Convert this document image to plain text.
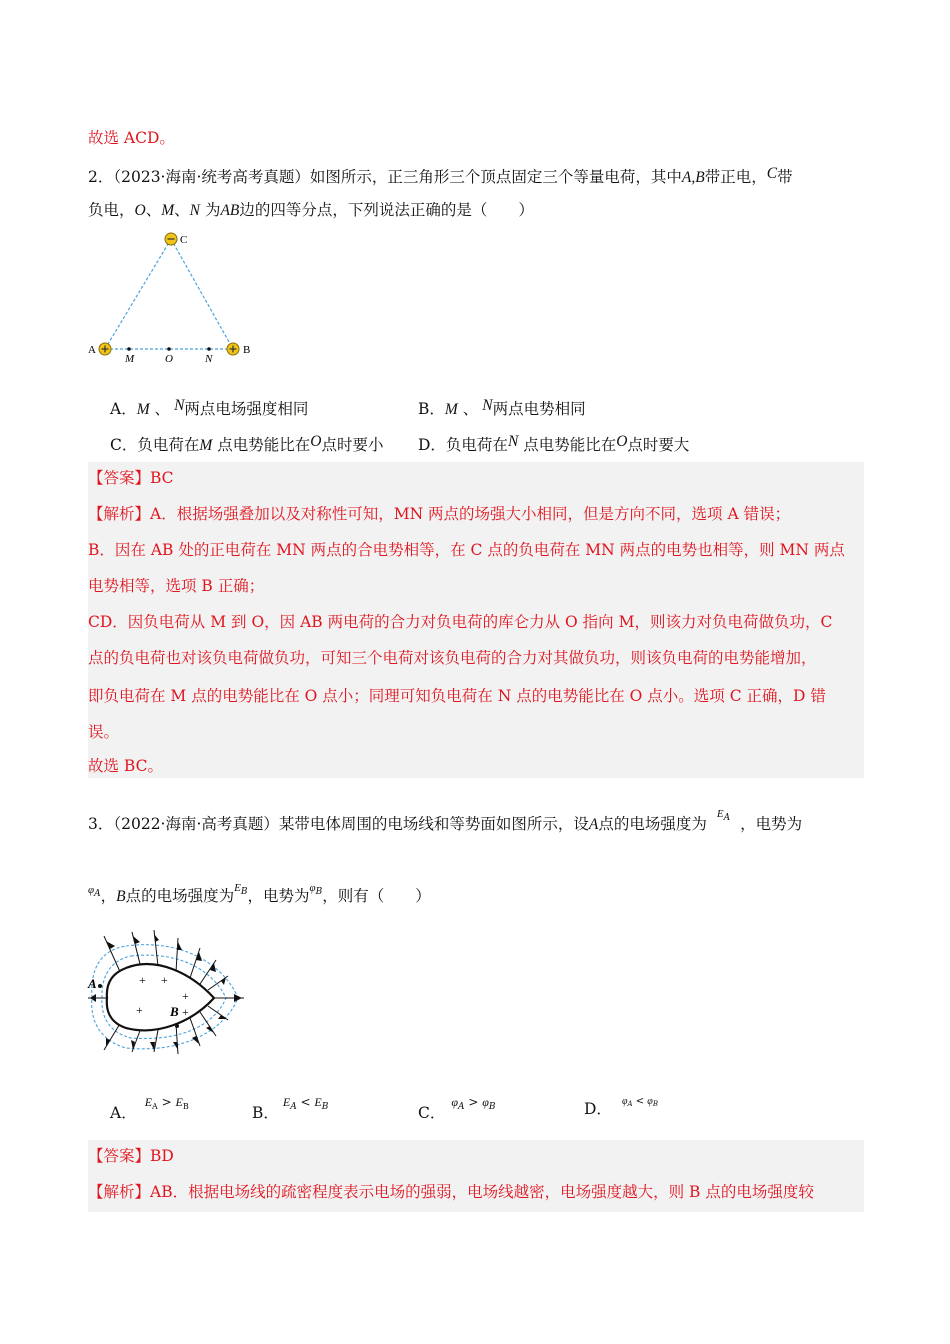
故选 ACD。
2．（2023·海南·统考高考真题）如图所示，正三角形三个顶点固定三个等量电荷，其中A,B带正电，C带
负电，O、M、N 为AB边的四等分点，下列说法正确的是（　　）
C
A	B
M	O	N
A．M 、 N两点电场强度相同	B．M 、 N两点电势相同
C．负电荷在M 点电势能比在O点时要小 D．负电荷在N 点电势能比在O点时要大
【答案】BC
【解析】A．根据场强叠加以及对称性可知，MN 两点的场强大小相同，但是方向不同，选项 A 错误；
B．因在 AB 处的正电荷在 MN 两点的合电势相等，在 C 点的负电荷在 MN 两点的电势也相等，则 MN 两点
电势相等，选项 B 正确；
CD．因负电荷从 M 到 O，因 AB 两电荷的合力对负电荷的库仑力从 O 指向 M，则该力对负电荷做负功，C
点的负电荷也对该负电荷做负功，可知三个电荷对该负电荷的合力对其做负功，则该负电荷的电势能增加，
即负电荷在 M 点的电势能比在 O 点小；同理可知负电荷在 N 点的电势能比在 O 点小。选项 C 正确，D 错
误。
故选 BC。
3．（2022·海南·高考真题）某带电体周围的电场线和等势面如图所示，设A点的电场强度为$E_A$ ，电势为
$\varphi_A$，B点的电场强度为$E_B$，电势为$\varphi_B$，则有（　　）
+ +
+
+
+
A
B
A．$E_A > E_B$	B．$E_A < E_B$	C．$\varphi_A > \varphi_B$	D． $\varphi_A < \varphi_B$
【答案】BD
【解析】AB．根据电场线的疏密程度表示电场的强弱，电场线越密，电场强度越大，则 B 点的电场强度较
